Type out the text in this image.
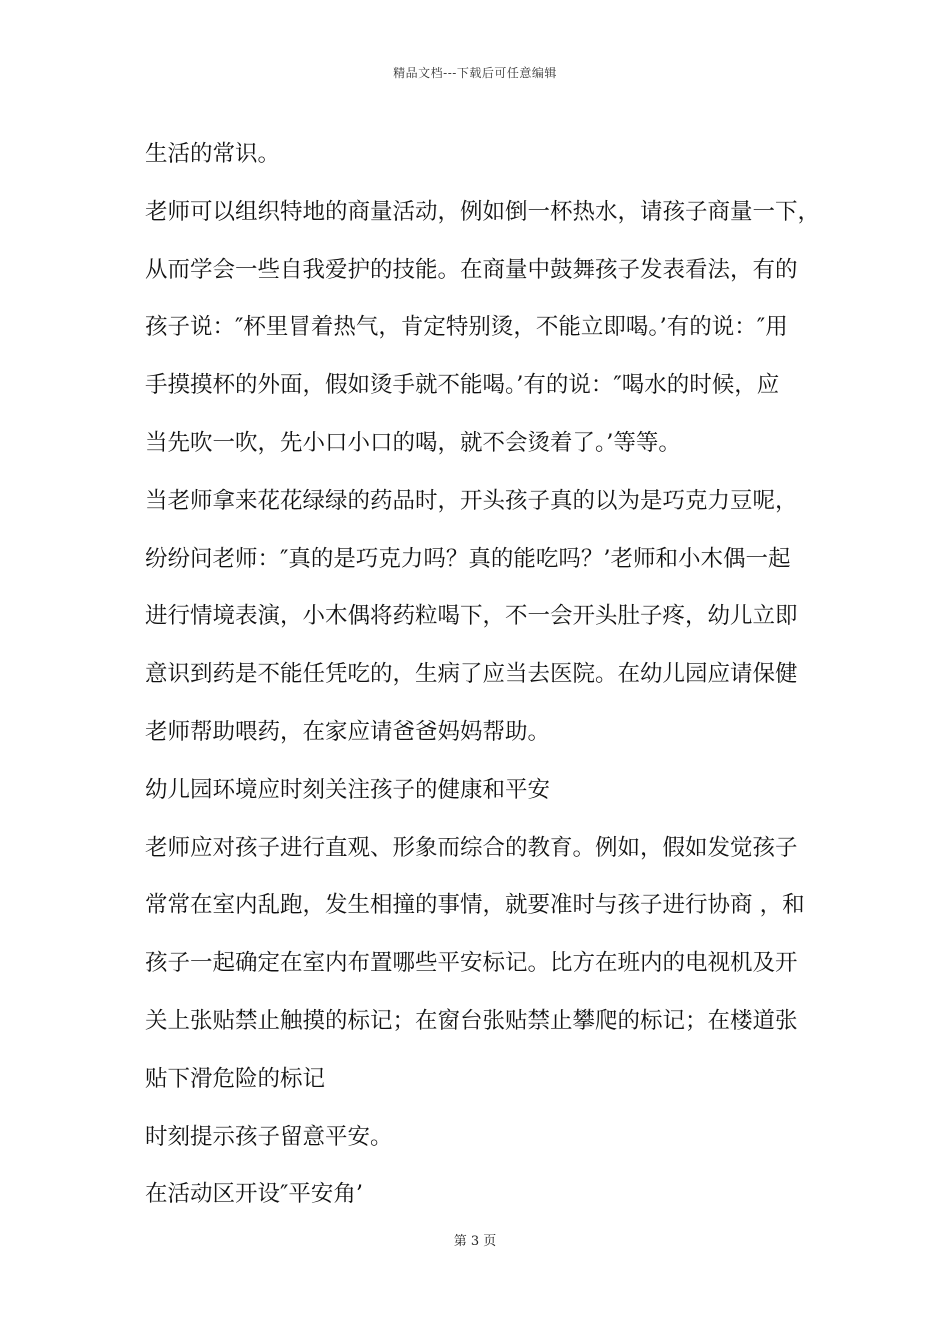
精品文档---下载后可任意编辑
生活的常识。
老师可以组织特地的商量活动，例如倒一杯热水，请孩子商量一下，
从而学会一些自我爱护的技能。在商量中鼓舞孩子发表看法，有的
孩子说：″杯里冒着热气，肯定特别烫，不能立即喝。’有的说：″用
手摸摸杯的外面，假如烫手就不能喝。’有的说：″喝水的时候，应
当先吹一吹，先小口小口的喝，就不会烫着了。’等等。
当老师拿来花花绿绿的药品时，开头孩子真的以为是巧克力豆呢，
纷纷问老师：″真的是巧克力吗？真的能吃吗？’老师和小木偶一起
进行情境表演，小木偶将药粒喝下，不一会开头肚子疼，幼儿立即
意识到药是不能任凭吃的，生病了应当去医院。在幼儿园应请保健
老师帮助喂药，在家应请爸爸妈妈帮助。
幼儿园环境应时刻关注孩子的健康和平安
老师应对孩子进行直观、形象而综合的教育。例如，假如发觉孩子
常常在室内乱跑，发生相撞的事情，就要准时与孩子进行协商 ，和
孩子一起确定在室内布置哪些平安标记。比方在班内的电视机及开
关上张贴禁止触摸的标记；在窗台张贴禁止攀爬的标记；在楼道张
贴下滑危险的标记
时刻提示孩子留意平安。
在活动区开设″平安角’
第 3 页
